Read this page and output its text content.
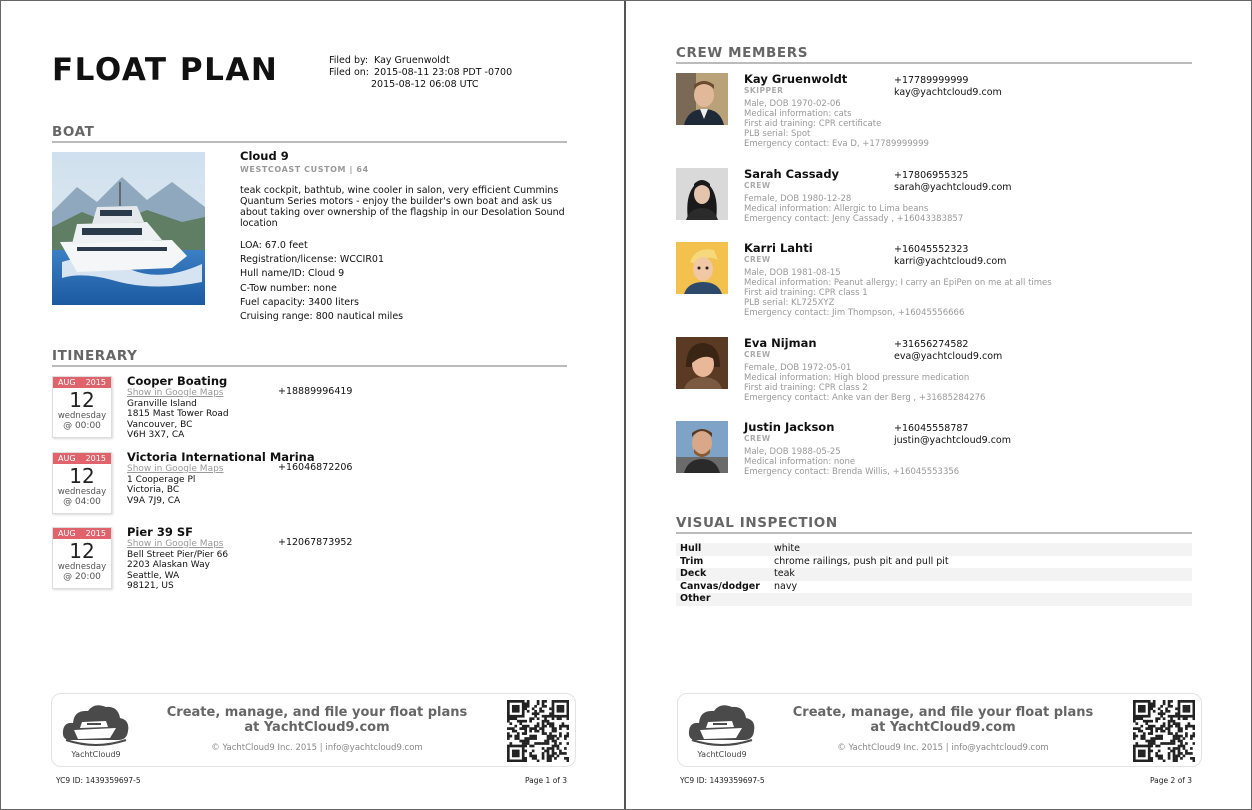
FLOAT PLAN	Filed by:
Kay Gruenwoldt
Filed on:
2015-08-11 23:08 PDT -0700
2015-08-12 06:08 UTC
BOAT
Cloud 9
WESTCOAST CUSTOM | 64
teak cockpit, bathtub, wine cooler in salon, very efficient Cummins Quantum Series motors - enjoy the builder's own boat and ask us about taking over ownership of the flagship in our Desolation Sound location
LOA: 67.0 feet
Registration/license: WCCIR01
Hull name/ID: Cloud 9
C-Tow number: none
Fuel capacity: 3400 liters
Cruising range: 800 nautical miles
ITINERARY
AUG 2015
12
wednesday
@ 00:00
Cooper Boating
Show in Google Maps
Granville Island
1815 Mast Tower Road
Vancouver, BC
V6H 3X7, CA
+18889996419
AUG 2015
12
wednesday
@ 04:00
Victoria International Marina
Show in Google Maps
1 Cooperage Pl
Victoria, BC
V9A 7J9, CA
+16046872206
AUG 2015
12
wednesday
@ 20:00
Pier 39 SF
Show in Google Maps
Bell Street Pier/Pier 66
2203 Alaskan Way
Seattle, WA
98121, US
+12067873952
YachtCloud9
Create, manage, and file your float plans
at YachtCloud9.com
© YachtCloud9 Inc. 2015 | info@yachtcloud9.com
YC9 ID: 1439359697-5	Page 1 of 3
YachtCloud9
Create, manage, and file your float plans
at YachtCloud9.com
© YachtCloud9 Inc. 2015 | info@yachtcloud9.com
YC9 ID: 1439359697-5	Page 2 of 3
CREW MEMBERS
Kay Gruenwoldt
SKIPPER
Male, DOB 1970-02-06
Medical information: cats
First aid training: CPR certificate
PLB serial: Spot
Emergency contact: Eva D, +17789999999
+17789999999
kay@yachtcloud9.com
Sarah Cassady
CREW
Female, DOB 1980-12-28
Medical information: Allergic to Lima beans
Emergency contact: Jeny Cassady , +16043383857
+17806955325
sarah@yachtcloud9.com
Karri Lahti
CREW
Male, DOB 1981-08-15
Medical information: Peanut allergy; I carry an EpiPen on me at all times
First aid training: CPR class 1
PLB serial: KL725XYZ
Emergency contact: Jim Thompson, +16045556666
+16045552323
karri@yachtcloud9.com
Eva Nijman
CREW
Female, DOB 1972-05-01
Medical information: High blood pressure medication
First aid training: CPR class 2
Emergency contact: Anke van der Berg , +31685284276
+31656274582
eva@yachtcloud9.com
Justin Jackson
CREW
Male, DOB 1988-05-25
Medical information: none
Emergency contact: Brenda Willis, +16045553356
+16045558787
justin@yachtcloud9.com
VISUAL INSPECTION
Hull	white
Trim	chrome railings, push pit and pull pit
Deck	teak
Canvas/dodger	navy
Other
